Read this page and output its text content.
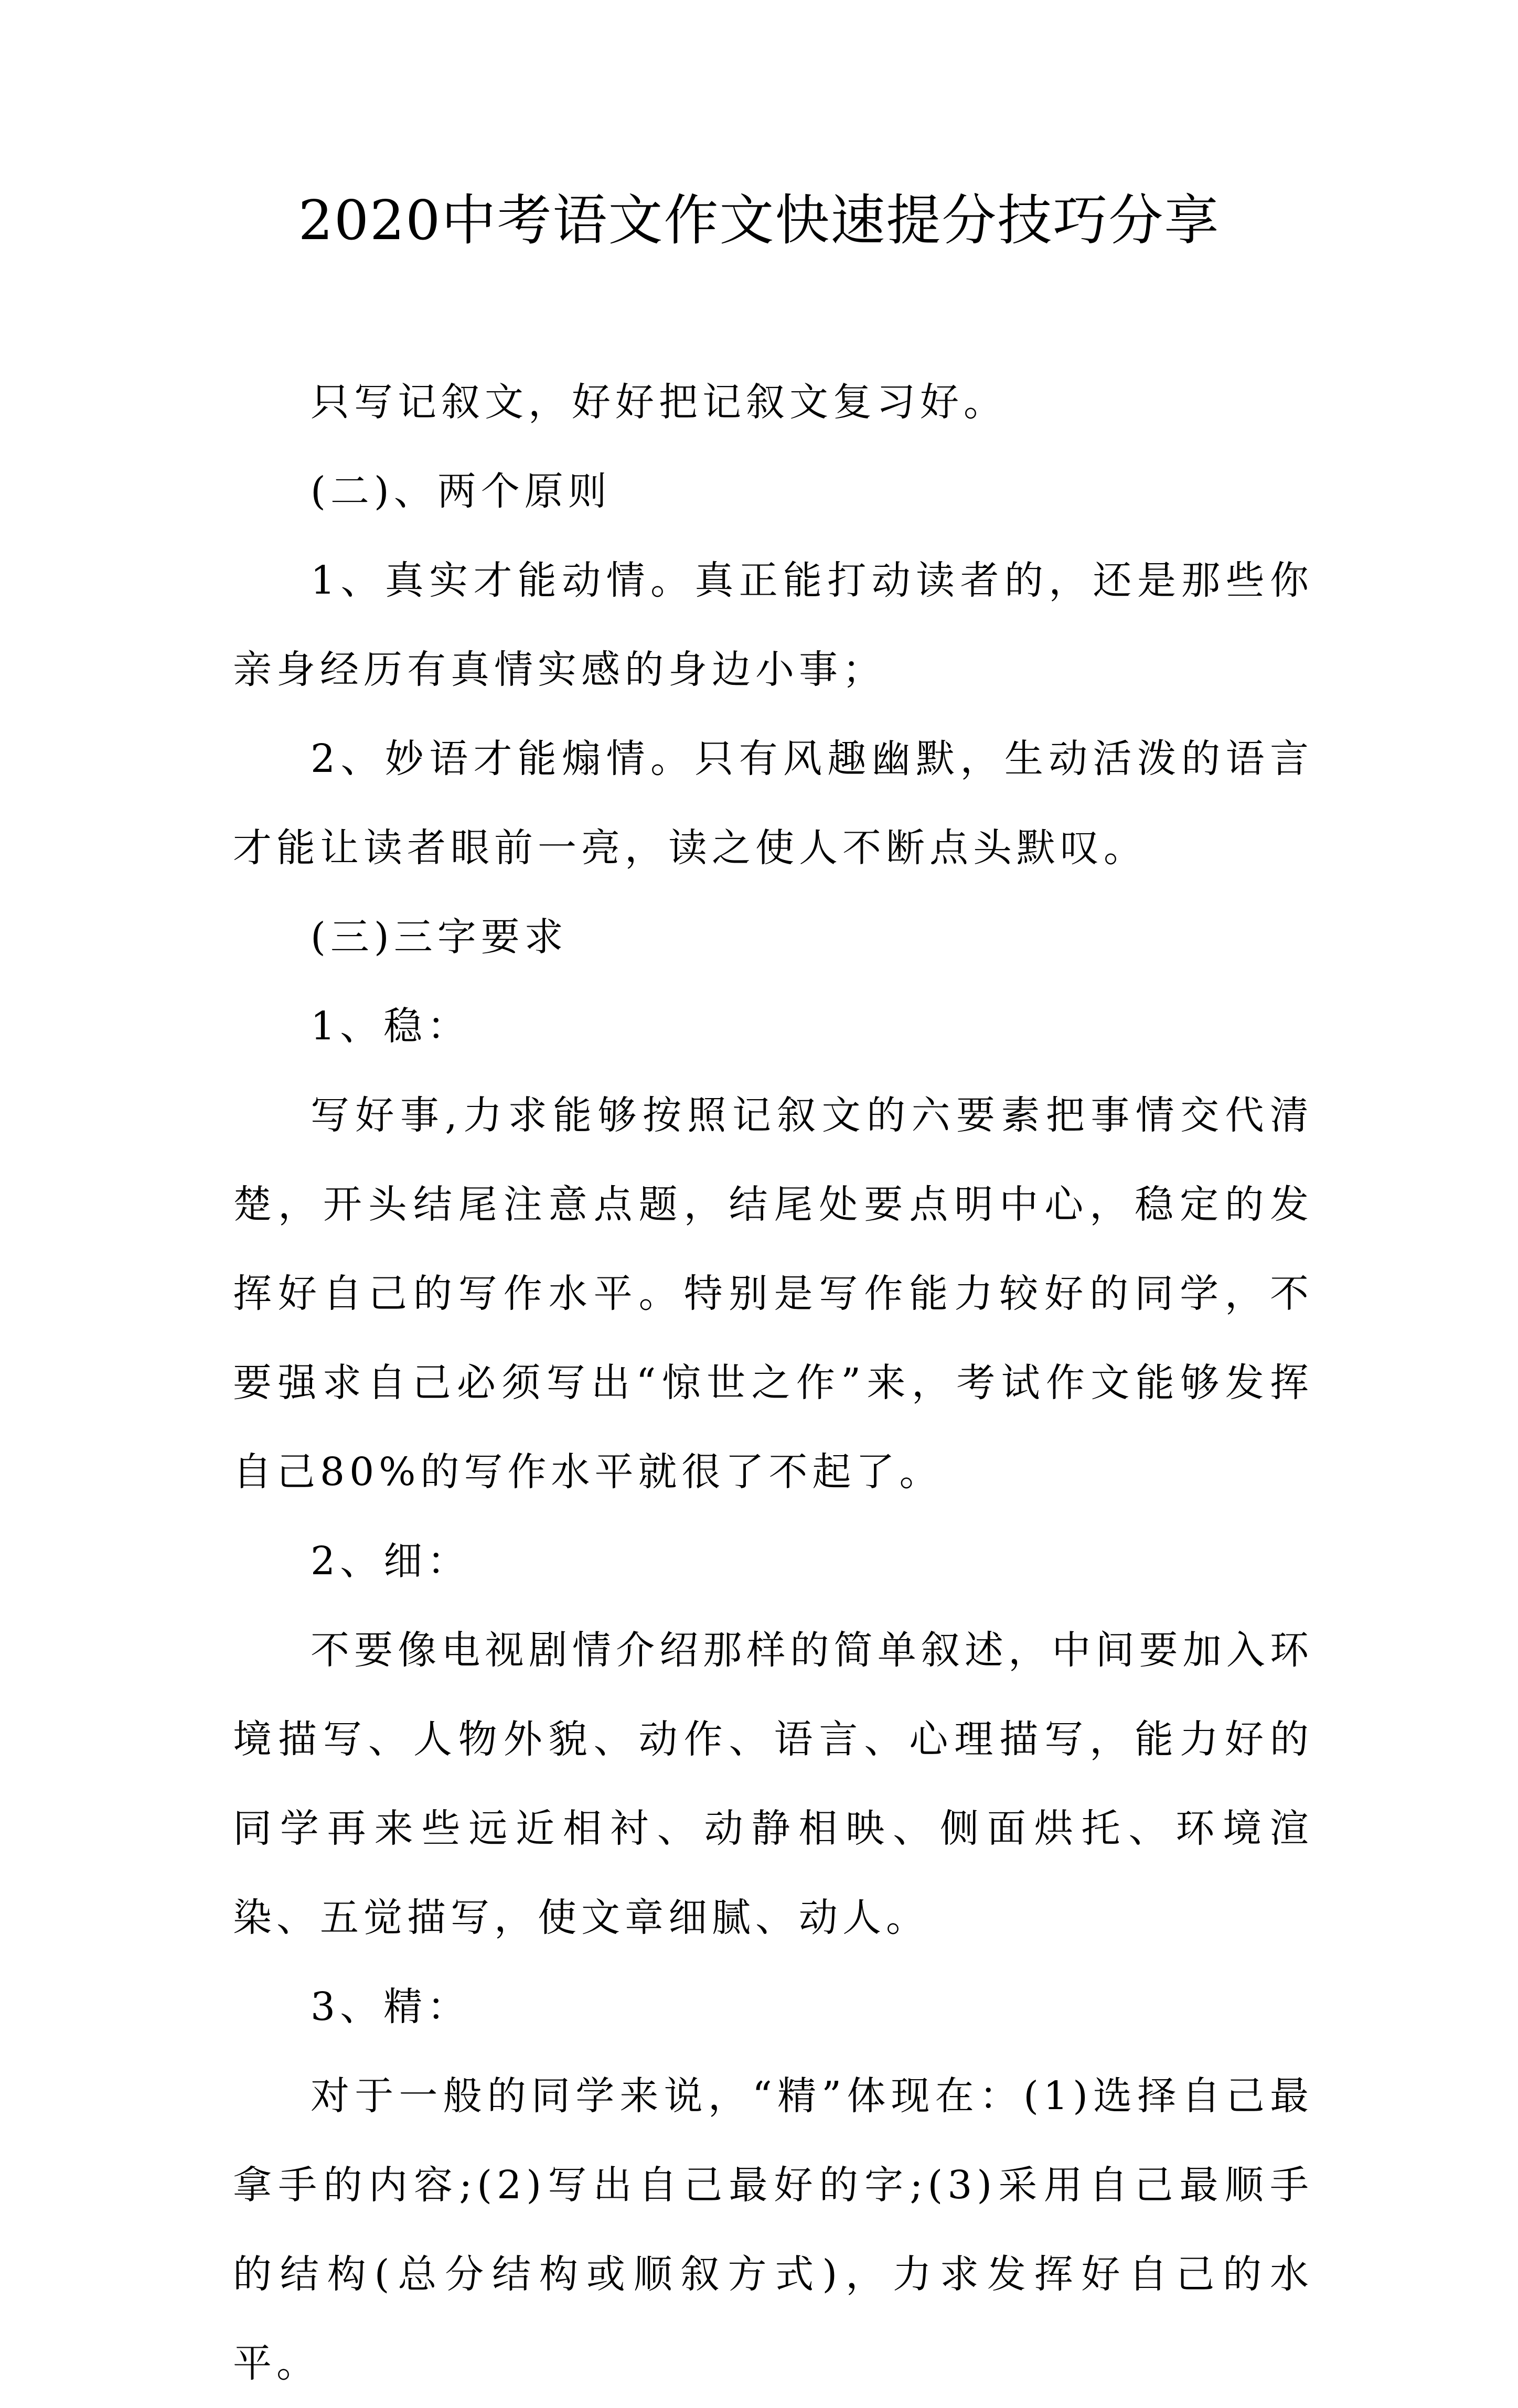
2020中考语文作文快速提分技巧分享

只写记叙文，好好把记叙文复习好。

(二)、两个原则

1、真实才能动情。真正能打动读者的，还是那些你亲身经历有真情实感的身边小事；

2、妙语才能煽情。只有风趣幽默，生动活泼的语言才能让读者眼前一亮，读之使人不断点头默叹。

(三)三字要求

1、稳：

写好事,力求能够按照记叙文的六要素把事情交代清楚，开头结尾注意点题，结尾处要点明中心，稳定的发挥好自己的写作水平。特别是写作能力较好的同学，不要强求自己必须写出“惊世之作”来，考试作文能够发挥自己80%的写作水平就很了不起了。

2、细：

不要像电视剧情介绍那样的简单叙述，中间要加入环境描写、人物外貌、动作、语言、心理描写，能力好的同学再来些远近相衬、动静相映、侧面烘托、环境渲染、五觉描写，使文章细腻、动人。

3、精：

对于一般的同学来说，“精”体现在：(1)选择自己最拿手的内容;(2)写出自己最好的字;(3)采用自己最顺手的结构(总分结构或顺叙方式)，力求发挥好自己的水平。
